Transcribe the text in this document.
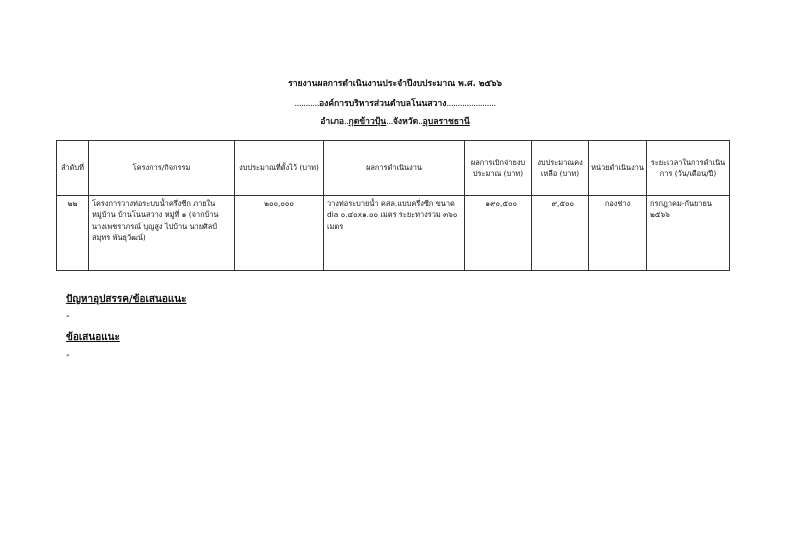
รายงานผลการดำเนินงานประจำปีงบประมาณ พ.ศ. ๒๕๖๖
...........องค์การบริหารส่วนตำบลโนนสวาง......................
อำเภอ..กุดข้าวปุ้น...จังหวัด..อุบลราชธานี
ลำดับที่	โครงการ/กิจกรรม	งบประมาณที่ตั้งไว้ (บาท)	ผลการดำเนินงาน	ผลการเบิกจ่ายงบประมาณ (บาท)	งบประมาณคงเหลือ (บาท)	หน่วยดำเนินงาน	ระยะเวลาในการดำเนินการ (วัน/เดือน/ปี)
๒๒	โครงการวางท่อระบบน้ำครึ่งซีก ภายในหมู่บ้าน บ้านโนนสวาง หมู่ที่ ๑ (จากบ้านนางเพชราภรณ์ บุญสูง ไปบ้าน นายศิลป์สมุทร พันธุวัฒน์)	๒๐๐,๐๐๐	วางท่อระบายน้ำ คสล.แบบครึ่งซีก ขนาด dia ๐.๔๐x๑.๐๐ เมตร ระยะทางรวม ๓๖๐ เมตร	๑๙๐,๕๐๐	๙,๕๐๐	กองช่าง	กรกฎาคม-กันยายน ๒๕๖๖
ปัญหาอุปสรรค/ข้อเสนอแนะ
-
ข้อเสนอแนะ
-
